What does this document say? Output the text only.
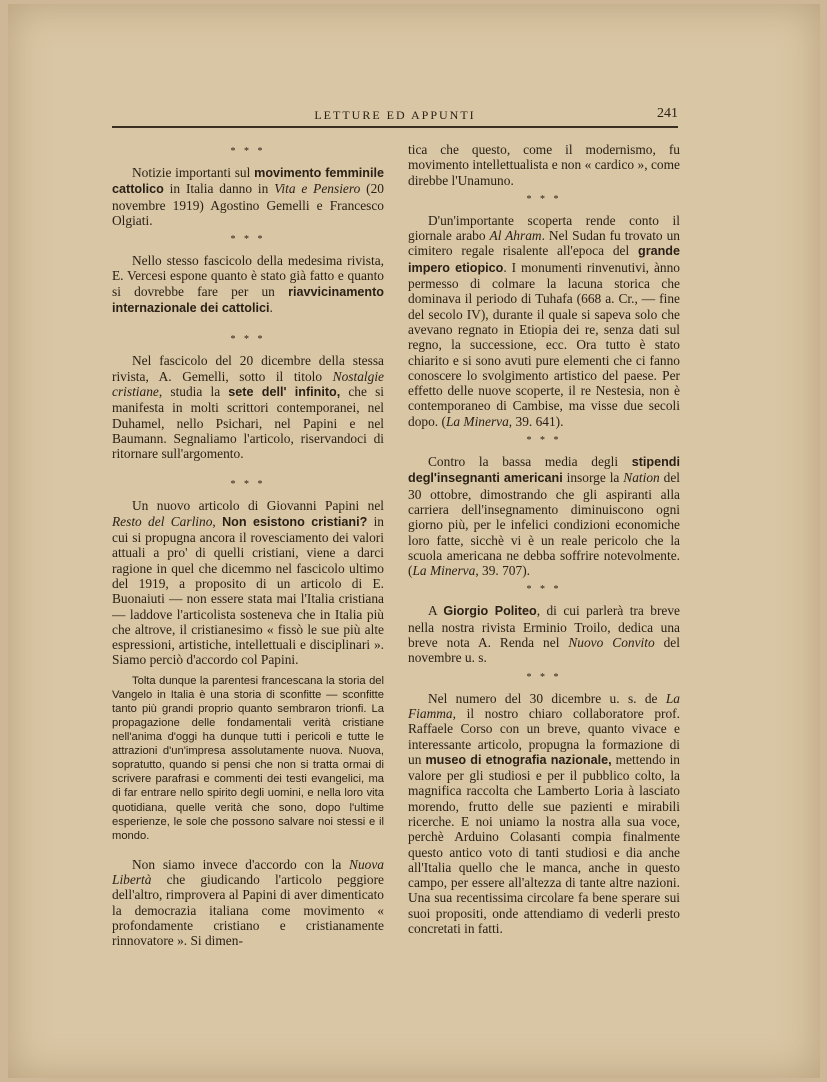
LETTURE ED APPUNTI	241
* * *

Notizie importanti sul movimento femminile cattolico in Italia danno in Vita e Pensiero (20 novembre 1919) Agostino Gemelli e Francesco Olgiati.

* * *

Nello stesso fascicolo della medesima rivista, E. Vercesi espone quanto è stato già fatto e quanto si dovrebbe fare per un riavvicinamento internazionale dei cattolici.

* * *

Nel fascicolo del 20 dicembre della stessa rivista, A. Gemelli, sotto il titolo Nostalgie cristiane, studia la sete dell' infinito, che si manifesta in molti scrittori contemporanei, nel Duhamel, nello Psichari, nel Papini e nel Baumann. Segnaliamo l'articolo, riservandoci di ritornare sull'argomento.

* * *

Un nuovo articolo di Giovanni Papini nel Resto del Carlino, Non esistono cristiani? in cui si propugna ancora il rovesciamento dei valori attuali a pro' di quelli cristiani, viene a darci ragione in quel che dicemmo nel fascicolo ultimo del 1919, a proposito di un articolo di E. Buonaiuti — non essere stata mai l'Italia cristiana — laddove l'articolista sosteneva che in Italia più che altrove, il cristianesimo « fissò le sue più alte espressioni, artistiche, intellettuali e disciplinari ». Siamo perciò d'accordo col Papini.

Tolta dunque la parentesi francescana la storia del Vangelo in Italia è una storia di sconfitte — sconfitte tanto più grandi proprio quanto sembraron trionfi. La propagazione delle fondamentali verità cristiane nell'anima d'oggi ha dunque tutti i pericoli e tutte le attrazioni d'un'impresa assolutamente nuova. Nuova, sopratutto, quando si pensi che non si tratta ormai di scrivere parafrasi e commenti dei testi evangelici, ma di far entrare nello spirito degli uomini, e nella loro vita quotidiana, quelle verità che sono, dopo l'ultime esperienze, le sole che possono salvare noi stessi e il mondo.

Non siamo invece d'accordo con la Nuova Libertà che giudicando l'articolo peggiore dell'altro, rimprovera al Papini di aver dimenticato la democrazia italiana come movimento « profondamente cristiano e cristianamente rinnovatore ». Si dimen-

tica che questo, come il modernismo, fu movimento intellettualista e non « cardico », come direbbe l'Unamuno.

* * *

D'un'importante scoperta rende conto il giornale arabo Al Ahram. Nel Sudan fu trovato un cimitero regale risalente all'epoca del grande impero etiopico. I monumenti rinvenutivi, ànno permesso di colmare la lacuna storica che dominava il periodo di Tuhafa (668 a. Cr., — fine del secolo IV), durante il quale si sapeva solo che avevano regnato in Etiopia dei re, senza dati sul regno, la successione, ecc. Ora tutto è stato chiarito e si sono avuti pure elementi che ci fanno conoscere lo svolgimento artistico del paese. Per effetto delle nuove scoperte, il re Nestesia, non è contemporaneo di Cambise, ma visse due secoli dopo. (La Minerva, 39. 641).

* * *

Contro la bassa media degli stipendi degl'insegnanti americani insorge la Nation del 30 ottobre, dimostrando che gli aspiranti alla carriera dell'insegnamento diminuiscono ogni giorno più, per le infelici condizioni economiche loro fatte, sicchè vi è un reale pericolo che la scuola americana ne debba soffrire notevolmente. (La Minerva, 39. 707).

* * *

A Giorgio Politeo, di cui parlerà tra breve nella nostra rivista Erminio Troilo, dedica una breve nota A. Renda nel Nuovo Convito del novembre u. s.

* * *

Nel numero del 30 dicembre u. s. de La Fiamma, il nostro chiaro collaboratore prof. Raffaele Corso con un breve, quanto vivace e interessante articolo, propugna la formazione di un museo di etnografia nazionale, mettendo in valore per gli studiosi e per il pubblico colto, la magnifica raccolta che Lamberto Loria à lasciato morendo, frutto delle sue pazienti e mirabili ricerche. E noi uniamo la nostra alla sua voce, perchè Arduino Colasanti compia finalmente questo antico voto di tanti studiosi e dia anche all'Italia quello che le manca, anche in questo campo, per essere all'altezza di tante altre nazioni. Una sua recentissima circolare fa bene sperare sui suoi propositi, onde attendiamo di vederli presto concretati in fatti.
